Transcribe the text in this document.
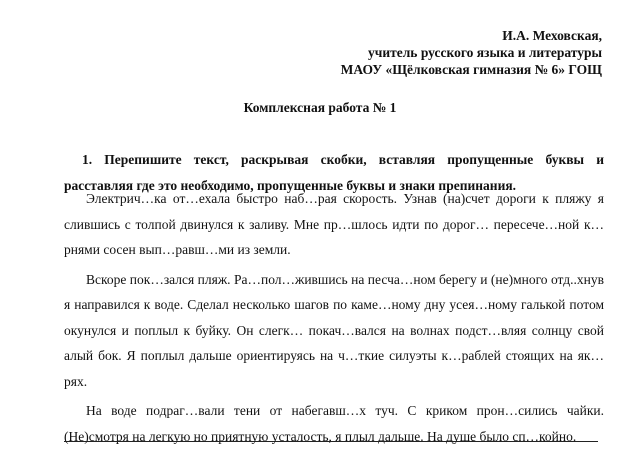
И.А. Меховская,
учитель русского языка и литературы
МАОУ «Щёлковская гимназия № 6» ГОЩ
Комплексная работа № 1

1. Перепишите текст, раскрывая скобки, вставляя пропущенные буквы и расставляя где это необходимо, пропущенные буквы и знаки препинания.

Электрич…ка от…ехала быстро наб…рая скорость. Узнав (на)счет дороги к пляжу я слившись с толпой двинулся к заливу. Мне пр…шлось идти по дорог… пересече…ной к…рнями сосен вып…равш…ми из земли.

Вскоре пок…зался пляж. Ра…пол…жившись на песча…ном берегу и (не)много отд..хнув я направился к воде. Сделал несколько шагов по каме…ному дну усея…ному галькой потом окунулся и поплыл к буйку. Он слегк… покач…вался на волнах подст…вляя солнцу свой алый бок. Я поплыл дальше ориентируясь на ч…ткие силуэты к…раблей стоящих на як…рях.

На воде подраг…вали тени от набегавш…х туч. С криком прон…сились чайки. (Не)смотря на легкую но приятную усталость, я плыл дальше. На душе было сп…койно.
